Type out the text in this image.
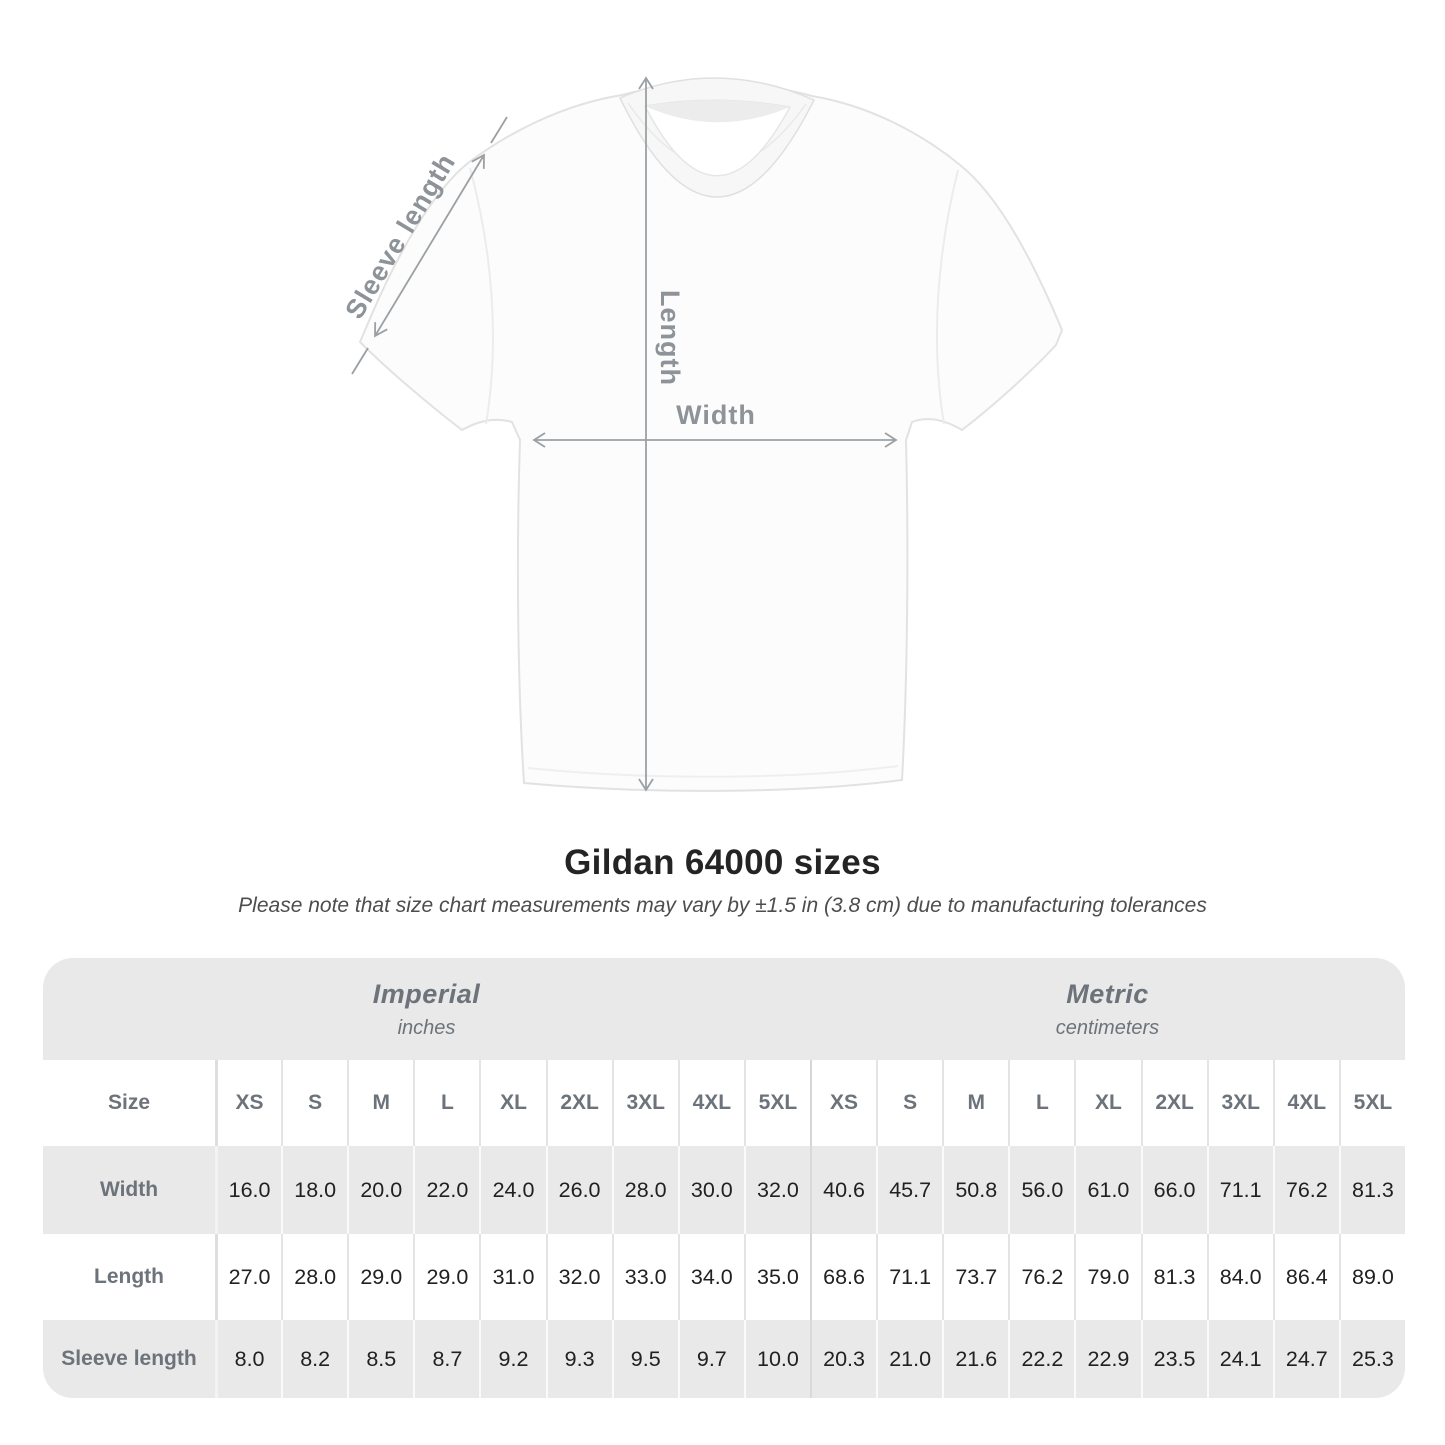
Length
Width
Sleeve length
Gildan 64000 sizes
Please note that size chart measurements may vary by ±1.5 in (3.8 cm) due to manufacturing tolerances
Imperial
inches

Metric
centimeters

Size	XS	S	M	L	XL	2XL	3XL	4XL	5XL	XS	S	M	L	XL	2XL	3XL	4XL	5XL
Width	16.0	18.0	20.0	22.0	24.0	26.0	28.0	30.0	32.0	40.6	45.7	50.8	56.0	61.0	66.0	71.1	76.2	81.3
Length	27.0	28.0	29.0	29.0	31.0	32.0	33.0	34.0	35.0	68.6	71.1	73.7	76.2	79.0	81.3	84.0	86.4	89.0
Sleeve length	8.0	8.2	8.5	8.7	9.2	9.3	9.5	9.7	10.0	20.3	21.0	21.6	22.2	22.9	23.5	24.1	24.7	25.3
